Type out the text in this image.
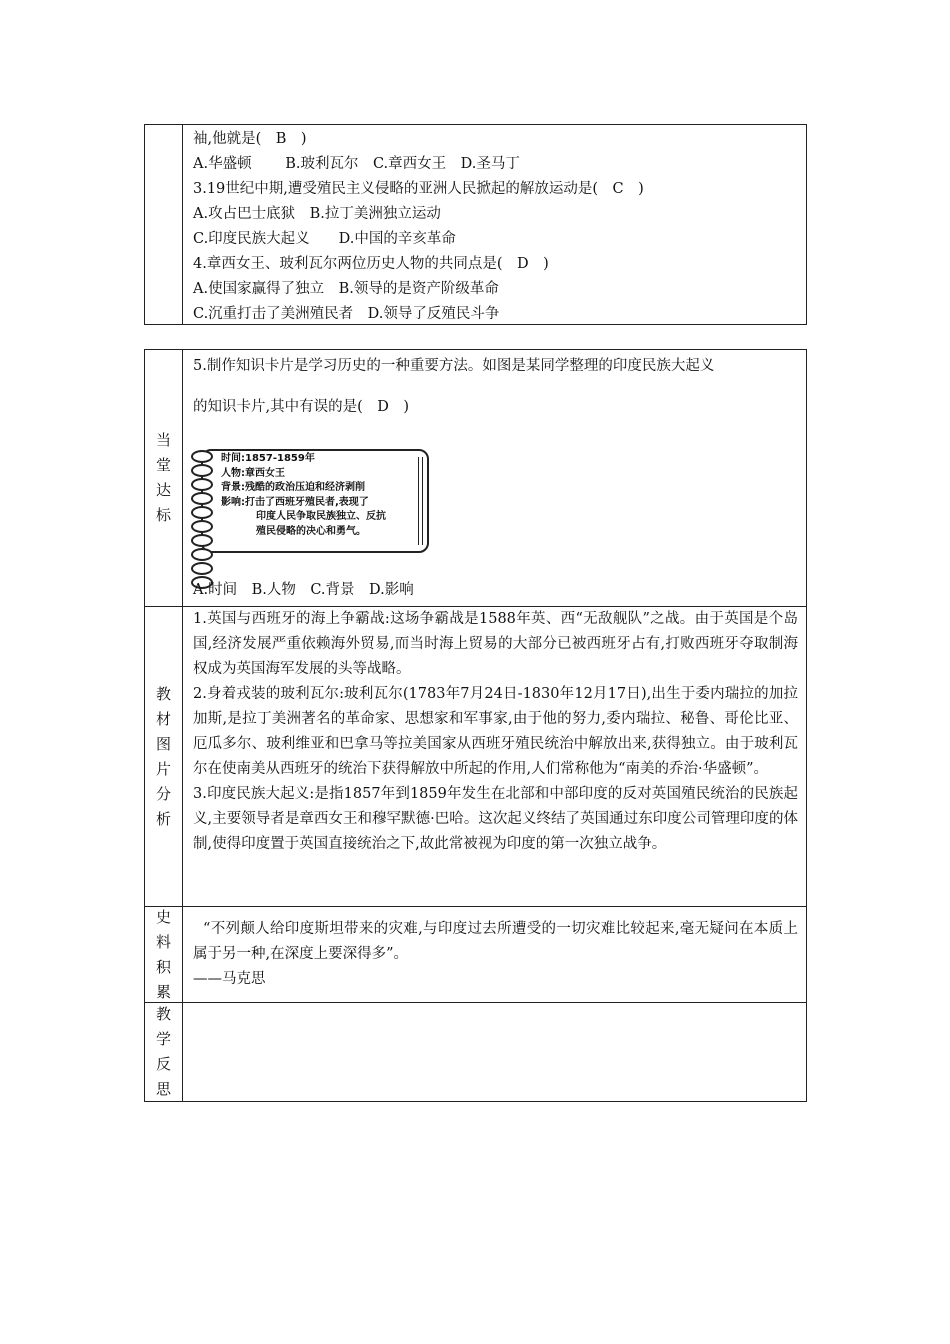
袖,他就是(　B　)
A.华盛顿　　 B.玻利瓦尔　C.章西女王　D.圣马丁
3.19世纪中期,遭受殖民主义侵略的亚洲人民掀起的解放运动是(　C　)
A.攻占巴士底狱　B.拉丁美洲独立运动
C.印度民族大起义　　D.中国的辛亥革命
4.章西女王、玻利瓦尔两位历史人物的共同点是(　D　)
A.使国家赢得了独立　B.领导的是资产阶级革命
C.沉重打击了美洲殖民者　D.领导了反殖民斗争
当堂达标
5.制作知识卡片是学习历史的一种重要方法。如图是某同学整理的印度民族大起义
的知识卡片,其中有误的是(　D　)
时间:1857-1859年
人物:章西女王
背景:残酷的政治压迫和经济剥削
影响:打击了西班牙殖民者,表现了
印度人民争取民族独立、反抗
殖民侵略的决心和勇气。
A.时间　B.人物　C.背景　D.影响
教材图片分析
1.英国与西班牙的海上争霸战:这场争霸战是1588年英、西“无敌舰队”之战。由于英国是个岛国,经济发展严重依赖海外贸易,而当时海上贸易的大部分已被西班牙占有,打败西班牙夺取制海权成为英国海军发展的头等战略。
2.身着戎装的玻利瓦尔:玻利瓦尔(1783年7月24日-1830年12月17日),出生于委内瑞拉的加拉加斯,是拉丁美洲著名的革命家、思想家和军事家,由于他的努力,委内瑞拉、秘鲁、哥伦比亚、厄瓜多尔、玻利维亚和巴拿马等拉美国家从西班牙殖民统治中解放出来,获得独立。由于玻利瓦尔在使南美从西班牙的统治下获得解放中所起的作用,人们常称他为“南美的乔治·华盛顿”。
3.印度民族大起义:是指1857年到1859年发生在北部和中部印度的反对英国殖民统治的民族起义,主要领导者是章西女王和穆罕默德·巴哈。这次起义终结了英国通过东印度公司管理印度的体制,使得印度置于英国直接统治之下,故此常被视为印度的第一次独立战争。
史料积累
“不列颠人给印度斯坦带来的灾难,与印度过去所遭受的一切灾难比较起来,毫无疑问在本质上属于另一种,在深度上要深得多”。
——马克思
教学反思
